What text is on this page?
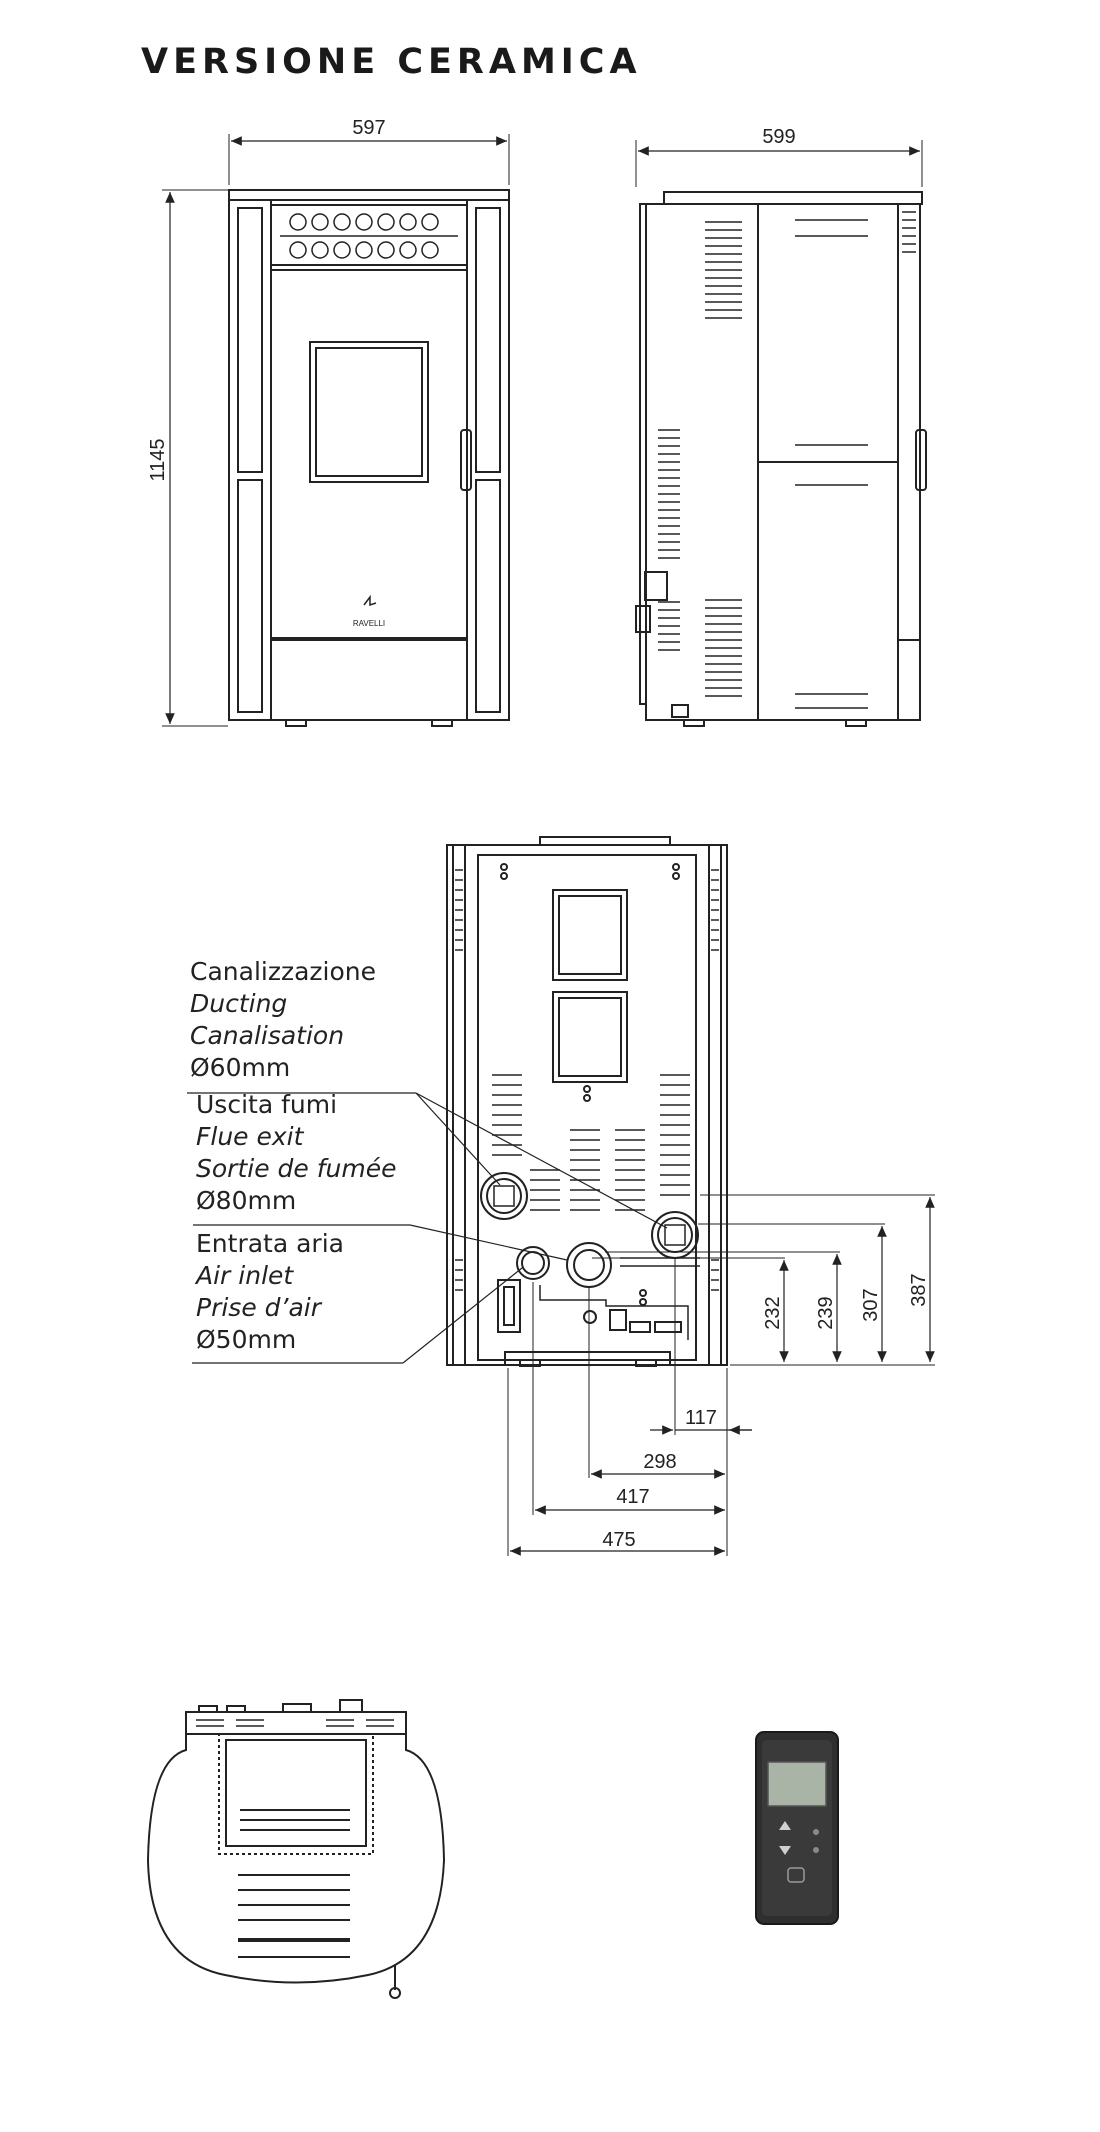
VERSIONE CERAMICA
RAVELLI
597
1145
599
232 239 307 387
117
298
417
475
Canalizzazione
Ducting
Canalisation
Ø60mm
Uscita fumi
Flue exit
Sortie de fumée
Ø80mm
Entrata aria
Air inlet
Prise d’air
Ø50mm
